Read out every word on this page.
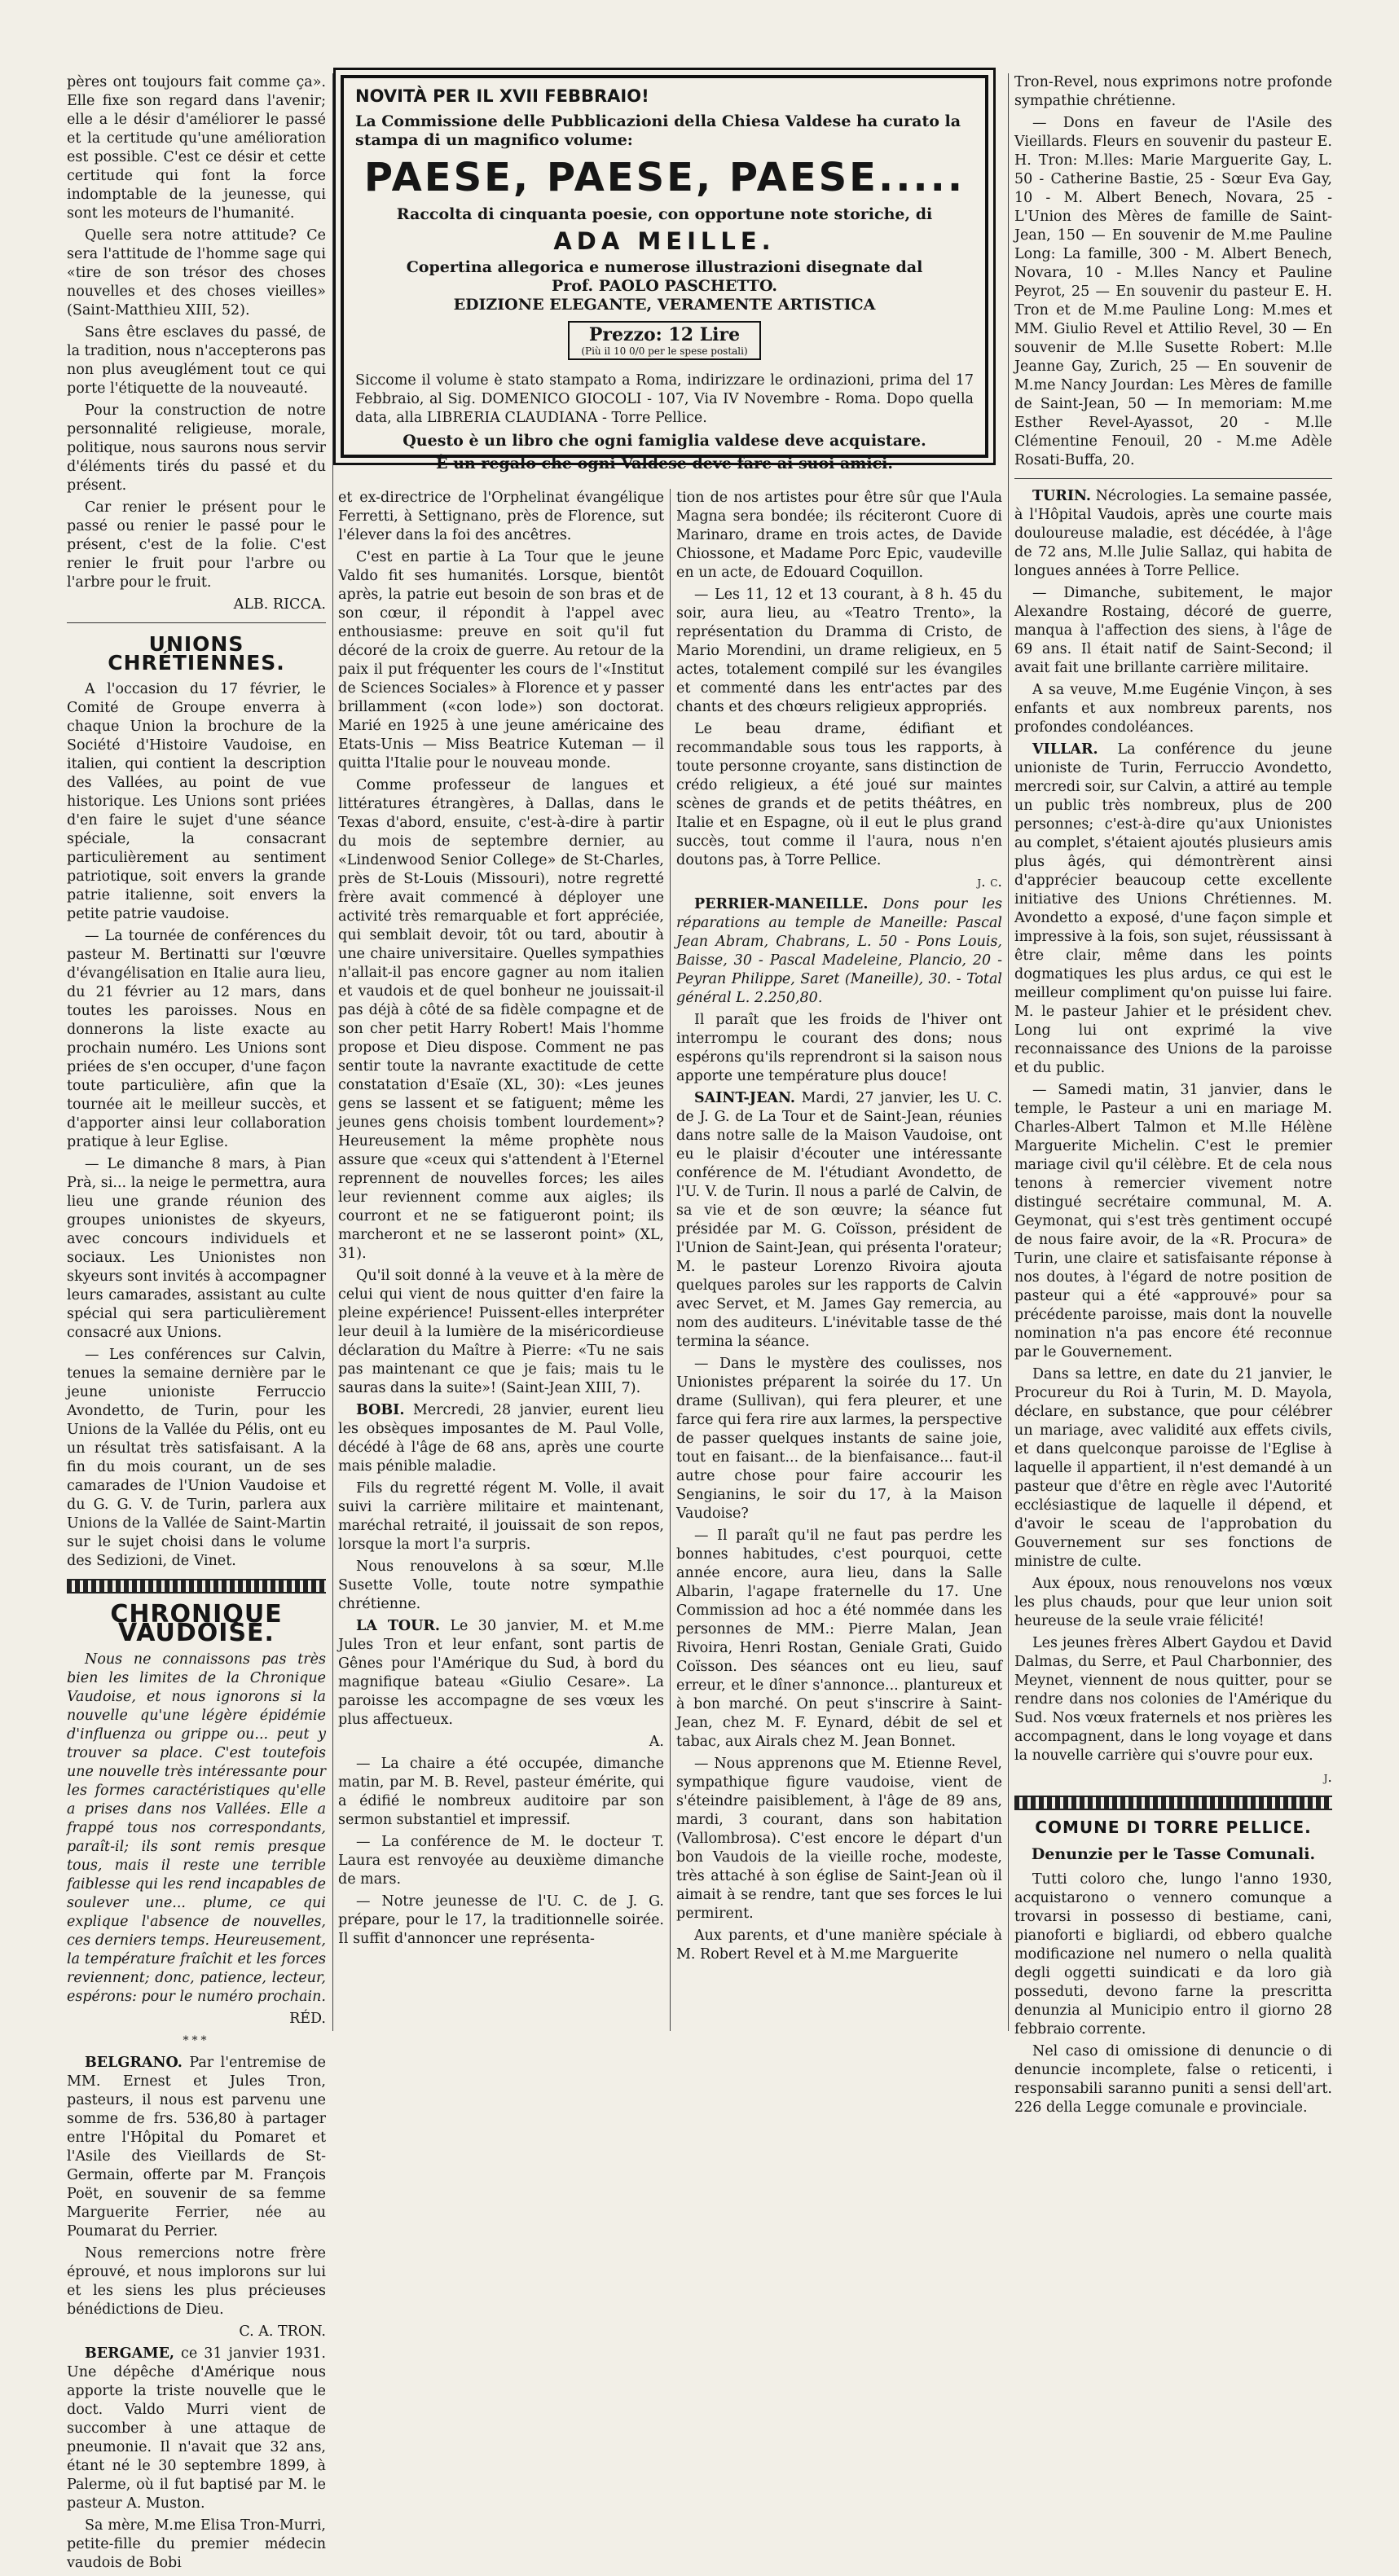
NOVITÀ PER IL XVII FEBBRAIO!
La Commissione delle Pubblicazioni della Chiesa Valdese ha curato la stampa di un magnifico volume:
PAESE, PAESE, PAESE.....
Raccolta di cinquanta poesie, con opportune note storiche, di
ADA MEILLE.
Copertina allegorica e numerose illustrazioni disegnate dal
Prof. PAOLO PASCHETTO.
EDIZIONE ELEGANTE, VERAMENTE ARTISTICA
Prezzo: 12 Lire
(Più il 10 0/0 per le spese postali)
Siccome il volume è stato stampato a Roma, indirizzare le ordinazioni, prima del 17 Febbraio, al Sig. DOMENICO GIOCOLI - 107, Via IV Novembre - Roma. Dopo quella data, alla LIBRERIA CLAUDIANA - Torre Pellice.
Questo è un libro che ogni famiglia valdese deve acquistare.
È un regalo che ogni Valdese deve fare ai suoi amici.

pères ont toujours fait comme ça». Elle fixe son regard dans l'avenir; elle a le désir d'améliorer le passé et la certitude qu'une amélioration est possible. C'est ce désir et cette certitude qui font la force indomptable de la jeunesse, qui sont les moteurs de l'humanité.

Quelle sera notre attitude? Ce sera l'attitude de l'homme sage qui «tire de son trésor des choses nouvelles et des choses vieilles» (Saint-Matthieu XIII, 52).

Sans être esclaves du passé, de la tradition, nous n'accepterons pas non plus aveuglément tout ce qui porte l'étiquette de la nouveauté.

Pour la construction de notre personnalité religieuse, morale, politique, nous saurons nous servir d'éléments tirés du passé et du présent.

Car renier le présent pour le passé ou renier le passé pour le présent, c'est de la folie. C'est renier le fruit pour l'arbre ou l'arbre pour le fruit.

ALB. RICCA.

UNIONS CHRÉTIENNES.

A l'occasion du 17 février, le Comité de Groupe enverra à chaque Union la brochure de la Société d'Histoire Vaudoise, en italien, qui contient la description des Vallées, au point de vue historique. Les Unions sont priées d'en faire le sujet d'une séance spéciale, la consacrant particulièrement au sentiment patriotique, soit envers la grande patrie italienne, soit envers la petite patrie vaudoise.

— La tournée de conférences du pasteur M. Bertinatti sur l'œuvre d'évangélisation en Italie aura lieu, du 21 février au 12 mars, dans toutes les paroisses. Nous en donnerons la liste exacte au prochain numéro. Les Unions sont priées de s'en occuper, d'une façon toute particulière, afin que la tournée ait le meilleur succès, et d'apporter ainsi leur collaboration pratique à leur Eglise.

— Le dimanche 8 mars, à Pian Prà, si... la neige le permettra, aura lieu une grande réunion des groupes unionistes de skyeurs, avec concours individuels et sociaux. Les Unionistes non skyeurs sont invités à accompagner leurs camarades, assistant au culte spécial qui sera particulièrement consacré aux Unions.

— Les conférences sur Calvin, tenues la semaine dernière par le jeune unioniste Ferruccio Avondetto, de Turin, pour les Unions de la Vallée du Pélis, ont eu un résultat très satisfaisant. A la fin du mois courant, un de ses camarades de l'Union Vaudoise et du G. G. V. de Turin, parlera aux Unions de la Vallée de Saint-Martin sur le sujet choisi dans le volume des Sedizioni, de Vinet.

CHRONIQUE VAUDOISE.

Nous ne connaissons pas très bien les limites de la Chronique Vaudoise, et nous ignorons si la nouvelle qu'une légère épidémie d'influenza ou grippe ou... peut y trouver sa place. C'est toutefois une nouvelle très intéressante pour les formes caractéristiques qu'elle a prises dans nos Vallées. Elle a frappé tous nos correspondants, paraît-il; ils sont remis presque tous, mais il reste une terrible faiblesse qui les rend incapables de soulever une... plume, ce qui explique l'absence de nouvelles, ces derniers temps. Heureusement, la température fraîchit et les forces reviennent; donc, patience, lecteur, espérons: pour le numéro prochain.

RÉD.

***

BELGRANO. Par l'entremise de MM. Ernest et Jules Tron, pasteurs, il nous est parvenu une somme de frs. 536,80 à partager entre l'Hôpital du Pomaret et l'Asile des Vieillards de St-Germain, offerte par M. François Poët, en souvenir de sa femme Marguerite Ferrier, née au Poumarat du Perrier.

Nous remercions notre frère éprouvé, et nous implorons sur lui et les siens les plus précieuses bénédictions de Dieu.

C. A. TRON.

BERGAME, ce 31 janvier 1931. Une dépêche d'Amérique nous apporte la triste nouvelle que le doct. Valdo Murri vient de succomber à une attaque de pneumonie. Il n'avait que 32 ans, étant né le 30 septembre 1899, à Palerme, où il fut baptisé par M. le pasteur A. Muston.

Sa mère, M.me Elisa Tron-Murri, petite-fille du premier médecin vaudois de Bobi

et ex-directrice de l'Orphelinat évangélique Ferretti, à Settignano, près de Florence, sut l'élever dans la foi des ancêtres.

C'est en partie à La Tour que le jeune Valdo fit ses humanités. Lorsque, bientôt après, la patrie eut besoin de son bras et de son cœur, il répondit à l'appel avec enthousiasme: preuve en soit qu'il fut décoré de la croix de guerre. Au retour de la paix il put fréquenter les cours de l'«Institut de Sciences Sociales» à Florence et y passer brillamment («con lode») son doctorat. Marié en 1925 à une jeune américaine des Etats-Unis — Miss Beatrice Kuteman — il quitta l'Italie pour le nouveau monde.

Comme professeur de langues et littératures étrangères, à Dallas, dans le Texas d'abord, ensuite, c'est-à-dire à partir du mois de septembre dernier, au «Lindenwood Senior College» de St-Charles, près de St-Louis (Missouri), notre regretté frère avait commencé à déployer une activité très remarquable et fort appréciée, qui semblait devoir, tôt ou tard, aboutir à une chaire universitaire. Quelles sympathies n'allait-il pas encore gagner au nom italien et vaudois et de quel bonheur ne jouissait-il pas déjà à côté de sa fidèle compagne et de son cher petit Harry Robert! Mais l'homme propose et Dieu dispose. Comment ne pas sentir toute la navrante exactitude de cette constatation d'Esaïe (XL, 30): «Les jeunes gens se lassent et se fatiguent; même les jeunes gens choisis tombent lourdement»? Heureusement la même prophète nous assure que «ceux qui s'attendent à l'Eternel reprennent de nouvelles forces; les ailes leur reviennent comme aux aigles; ils courront et ne se fatigueront point; ils marcheront et ne se lasseront point» (XL, 31).

Qu'il soit donné à la veuve et à la mère de celui qui vient de nous quitter d'en faire la pleine expérience! Puissent-elles interpréter leur deuil à la lumière de la miséricordieuse déclaration du Maître à Pierre: «Tu ne sais pas maintenant ce que je fais; mais tu le sauras dans la suite»! (Saint-Jean XIII, 7).

BOBI. Mercredi, 28 janvier, eurent lieu les obsèques imposantes de M. Paul Volle, décédé à l'âge de 68 ans, après une courte mais pénible maladie.

Fils du regretté régent M. Volle, il avait suivi la carrière militaire et maintenant, maréchal retraité, il jouissait de son repos, lorsque la mort l'a surpris.

Nous renouvelons à sa sœur, M.lle Susette Volle, toute notre sympathie chrétienne.

LA TOUR. Le 30 janvier, M. et M.me Jules Tron et leur enfant, sont partis de Gênes pour l'Amérique du Sud, à bord du magnifique bateau «Giulio Cesare». La paroisse les accompagne de ses vœux les plus affectueux.

A.

— La chaire a été occupée, dimanche matin, par M. B. Revel, pasteur émérite, qui a édifié le nombreux auditoire par son sermon substantiel et impressif.

— La conférence de M. le docteur T. Laura est renvoyée au deuxième dimanche de mars.

— Notre jeunesse de l'U. C. de J. G. prépare, pour le 17, la traditionnelle soirée. Il suffit d'annoncer une représenta-

tion de nos artistes pour être sûr que l'Aula Magna sera bondée; ils réciteront Cuore di Marinaro, drame en trois actes, de Davide Chiossone, et Madame Porc Epic, vaudeville en un acte, de Edouard Coquillon.

— Les 11, 12 et 13 courant, à 8 h. 45 du soir, aura lieu, au «Teatro Trento», la représentation du Dramma di Cristo, de Mario Morendini, un drame religieux, en 5 actes, totalement compilé sur les évangiles et commenté dans les entr'actes par des chants et des chœurs religieux appropriés.

Le beau drame, édifiant et recommandable sous tous les rapports, à toute personne croyante, sans distinction de crédo religieux, a été joué sur maintes scènes de grands et de petits théâtres, en Italie et en Espagne, où il eut le plus grand succès, tout comme il l'aura, nous n'en doutons pas, à Torre Pellice.

j. c.

PERRIER-MANEILLE. Dons pour les réparations au temple de Maneille: Pascal Jean Abram, Chabrans, L. 50 - Pons Louis, Baisse, 30 - Pascal Madeleine, Plancio, 20 - Peyran Philippe, Saret (Maneille), 30. - Total général L. 2.250,80.

Il paraît que les froids de l'hiver ont interrompu le courant des dons; nous espérons qu'ils reprendront si la saison nous apporte une température plus douce!

SAINT-JEAN. Mardi, 27 janvier, les U. C. de J. G. de La Tour et de Saint-Jean, réunies dans notre salle de la Maison Vaudoise, ont eu le plaisir d'écouter une intéressante conférence de M. l'étudiant Avondetto, de l'U. V. de Turin. Il nous a parlé de Calvin, de sa vie et de son œuvre; la séance fut présidée par M. G. Coïsson, président de l'Union de Saint-Jean, qui présenta l'orateur; M. le pasteur Lorenzo Rivoira ajouta quelques paroles sur les rapports de Calvin avec Servet, et M. James Gay remercia, au nom des auditeurs. L'inévitable tasse de thé termina la séance.

— Dans le mystère des coulisses, nos Unionistes préparent la soirée du 17. Un drame (Sullivan), qui fera pleurer, et une farce qui fera rire aux larmes, la perspective de passer quelques instants de saine joie, tout en faisant... de la bienfaisance... faut-il autre chose pour faire accourir les Sengianins, le soir du 17, à la Maison Vaudoise?

— Il paraît qu'il ne faut pas perdre les bonnes habitudes, c'est pourquoi, cette année encore, aura lieu, dans la Salle Albarin, l'agape fraternelle du 17. Une Commission ad hoc a été nommée dans les personnes de MM.: Pierre Malan, Jean Rivoira, Henri Rostan, Geniale Grati, Guido Coïsson. Des séances ont eu lieu, sauf erreur, et le dîner s'annonce... plantureux et à bon marché. On peut s'inscrire à Saint-Jean, chez M. F. Eynard, débit de sel et tabac, aux Airals chez M. Jean Bonnet.

— Nous apprenons que M. Etienne Revel, sympathique figure vaudoise, vient de s'éteindre paisiblement, à l'âge de 89 ans, mardi, 3 courant, dans son habitation (Vallombrosa). C'est encore le départ d'un bon Vaudois de la vieille roche, modeste, très attaché à son église de Saint-Jean où il aimait à se rendre, tant que ses forces le lui permirent.

Aux parents, et d'une manière spéciale à M. Robert Revel et à M.me Marguerite

Tron-Revel, nous exprimons notre profonde sympathie chrétienne.

— Dons en faveur de l'Asile des Vieillards. Fleurs en souvenir du pasteur E. H. Tron: M.lles: Marie Marguerite Gay, L. 50 - Catherine Bastie, 25 - Sœur Eva Gay, 10 - M. Albert Benech, Novara, 25 - L'Union des Mères de famille de Saint-Jean, 150 — En souvenir de M.me Pauline Long: La famille, 300 - M. Albert Benech, Novara, 10 - M.lles Nancy et Pauline Peyrot, 25 — En souvenir du pasteur E. H. Tron et de M.me Pauline Long: M.mes et MM. Giulio Revel et Attilio Revel, 30 — En souvenir de M.lle Susette Robert: M.lle Jeanne Gay, Zurich, 25 — En souvenir de M.me Nancy Jourdan: Les Mères de famille de Saint-Jean, 50 — In memoriam: M.me Esther Revel-Ayassot, 20 - M.lle Clémentine Fenouil, 20 - M.me Adèle Rosati-Buffa, 20.

TURIN. Nécrologies. La semaine passée, à l'Hôpital Vaudois, après une courte mais douloureuse maladie, est décédée, à l'âge de 72 ans, M.lle Julie Sallaz, qui habita de longues années à Torre Pellice.

— Dimanche, subitement, le major Alexandre Rostaing, décoré de guerre, manqua à l'affection des siens, à l'âge de 69 ans. Il était natif de Saint-Second; il avait fait une brillante carrière militaire.

A sa veuve, M.me Eugénie Vinçon, à ses enfants et aux nombreux parents, nos profondes condoléances.

VILLAR. La conférence du jeune unioniste de Turin, Ferruccio Avondetto, mercredi soir, sur Calvin, a attiré au temple un public très nombreux, plus de 200 personnes; c'est-à-dire qu'aux Unionistes au complet, s'étaient ajoutés plusieurs amis plus âgés, qui démontrèrent ainsi d'apprécier beaucoup cette excellente initiative des Unions Chrétiennes. M. Avondetto a exposé, d'une façon simple et impressive à la fois, son sujet, réussissant à être clair, même dans les points dogmatiques les plus ardus, ce qui est le meilleur compliment qu'on puisse lui faire. M. le pasteur Jahier et le président chev. Long lui ont exprimé la vive reconnaissance des Unions de la paroisse et du public.

— Samedi matin, 31 janvier, dans le temple, le Pasteur a uni en mariage M. Charles-Albert Talmon et M.lle Hélène Marguerite Michelin. C'est le premier mariage civil qu'il célèbre. Et de cela nous tenons à remercier vivement notre distingué secrétaire communal, M. A. Geymonat, qui s'est très gentiment occupé de nous faire avoir, de la «R. Procura» de Turin, une claire et satisfaisante réponse à nos doutes, à l'égard de notre position de pasteur qui a été «approuvé» pour sa précédente paroisse, mais dont la nouvelle nomination n'a pas encore été reconnue par le Gouvernement.

Dans sa lettre, en date du 21 janvier, le Procureur du Roi à Turin, M. D. Mayola, déclare, en substance, que pour célébrer un mariage, avec validité aux effets civils, et dans quelconque paroisse de l'Eglise à laquelle il appartient, il n'est demandé à un pasteur que d'être en règle avec l'Autorité ecclésiastique de laquelle il dépend, et d'avoir le sceau de l'approbation du Gouvernement sur ses fonctions de ministre de culte.

Aux époux, nous renouvelons nos vœux les plus chauds, pour que leur union soit heureuse de la seule vraie félicité!

Les jeunes frères Albert Gaydou et David Dalmas, du Serre, et Paul Charbonnier, des Meynet, viennent de nous quitter, pour se rendre dans nos colonies de l'Amérique du Sud. Nos vœux fraternels et nos prières les accompagnent, dans le long voyage et dans la nouvelle carrière qui s'ouvre pour eux.

j.

COMUNE DI TORRE PELLICE.
Denunzie per le Tasse Comunali.

Tutti coloro che, lungo l'anno 1930, acquistarono o vennero comunque a trovarsi in possesso di bestiame, cani, pianoforti e bigliardi, od ebbero qualche modificazione nel numero o nella qualità degli oggetti suindicati e da loro già posseduti, devono farne la prescritta denunzia al Municipio entro il giorno 28 febbraio corrente.

Nel caso di omissione di denuncie o di denuncie incomplete, false o reticenti, i responsabili saranno puniti a sensi dell'art. 226 della Legge comunale e provinciale.
